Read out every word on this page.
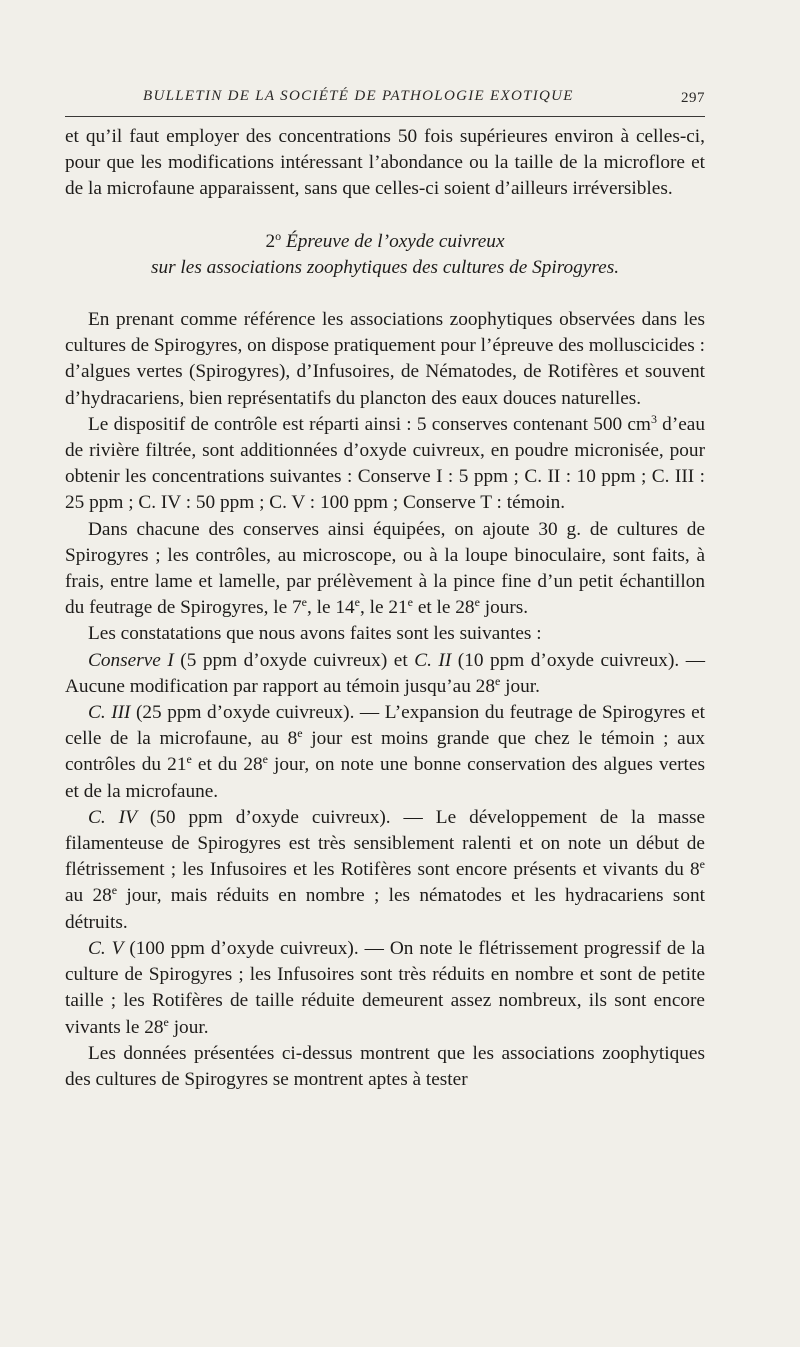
BULLETIN DE LA SOCIÉTÉ DE PATHOLOGIE EXOTIQUE	297

et qu’il faut employer des concentrations 50 fois supérieures environ à celles-ci, pour que les modifications intéressant l’abondance ou la taille de la microflore et de la microfaune apparaissent, sans que celles-ci soient d’ailleurs irréversibles.

2$^o$ Épreuve de l’oxyde cuivreux
sur les associations zoophytiques des cultures de Spirogyres.

En prenant comme référence les associations zoophytiques observées dans les cultures de Spirogyres, on dispose pratiquement pour l’épreuve des molluscicides : d’algues vertes (Spirogyres), d’Infusoires, de Nématodes, de Rotifères et souvent d’hydracariens, bien représentatifs du plancton des eaux douces naturelles.

Le dispositif de contrôle est réparti ainsi : 5 conserves contenant 500 $cm^3$ d’eau de rivière filtrée, sont additionnées d’oxyde cuivreux, en poudre micronisée, pour obtenir les concentrations suivantes : Conserve I : 5 ppm ; C. II : 10 ppm ; C. III : 25 ppm ; C. IV : 50 ppm ; C. V : 100 ppm ; Conserve T : témoin.

Dans chacune des conserves ainsi équipées, on ajoute 30 g. de cultures de Spirogyres ; les contrôles, au microscope, ou à la loupe binoculaire, sont faits, à frais, entre lame et lamelle, par prélèvement à la pince fine d’un petit échantillon du feutrage de Spirogyres, le 7e, le 14e, le 21e et le 28e jours.

Les constatations que nous avons faites sont les suivantes :

Conserve I (5 ppm d’oxyde cuivreux) et C. II (10 ppm d’oxyde cuivreux). — Aucune modification par rapport au témoin jusqu’au 28e jour.

C. III (25 ppm d’oxyde cuivreux). — L’expansion du feutrage de Spirogyres et celle de la microfaune, au 8e jour est moins grande que chez le témoin ; aux contrôles du 21e et du 28e jour, on note une bonne conservation des algues vertes et de la microfaune.

C. IV (50 ppm d’oxyde cuivreux). — Le développement de la masse filamenteuse de Spirogyres est très sensiblement ralenti et on note un début de flétrissement ; les Infusoires et les Rotifères sont encore présents et vivants du 8e au 28e jour, mais réduits en nombre ; les nématodes et les hydracariens sont détruits.

C. V (100 ppm d’oxyde cuivreux). — On note le flétrissement progressif de la culture de Spirogyres ; les Infusoires sont très réduits en nombre et sont de petite taille ; les Rotifères de taille réduite demeurent assez nombreux, ils sont encore vivants le 28e jour.

Les données présentées ci-dessus montrent que les associations zoophytiques des cultures de Spirogyres se montrent aptes à tester
